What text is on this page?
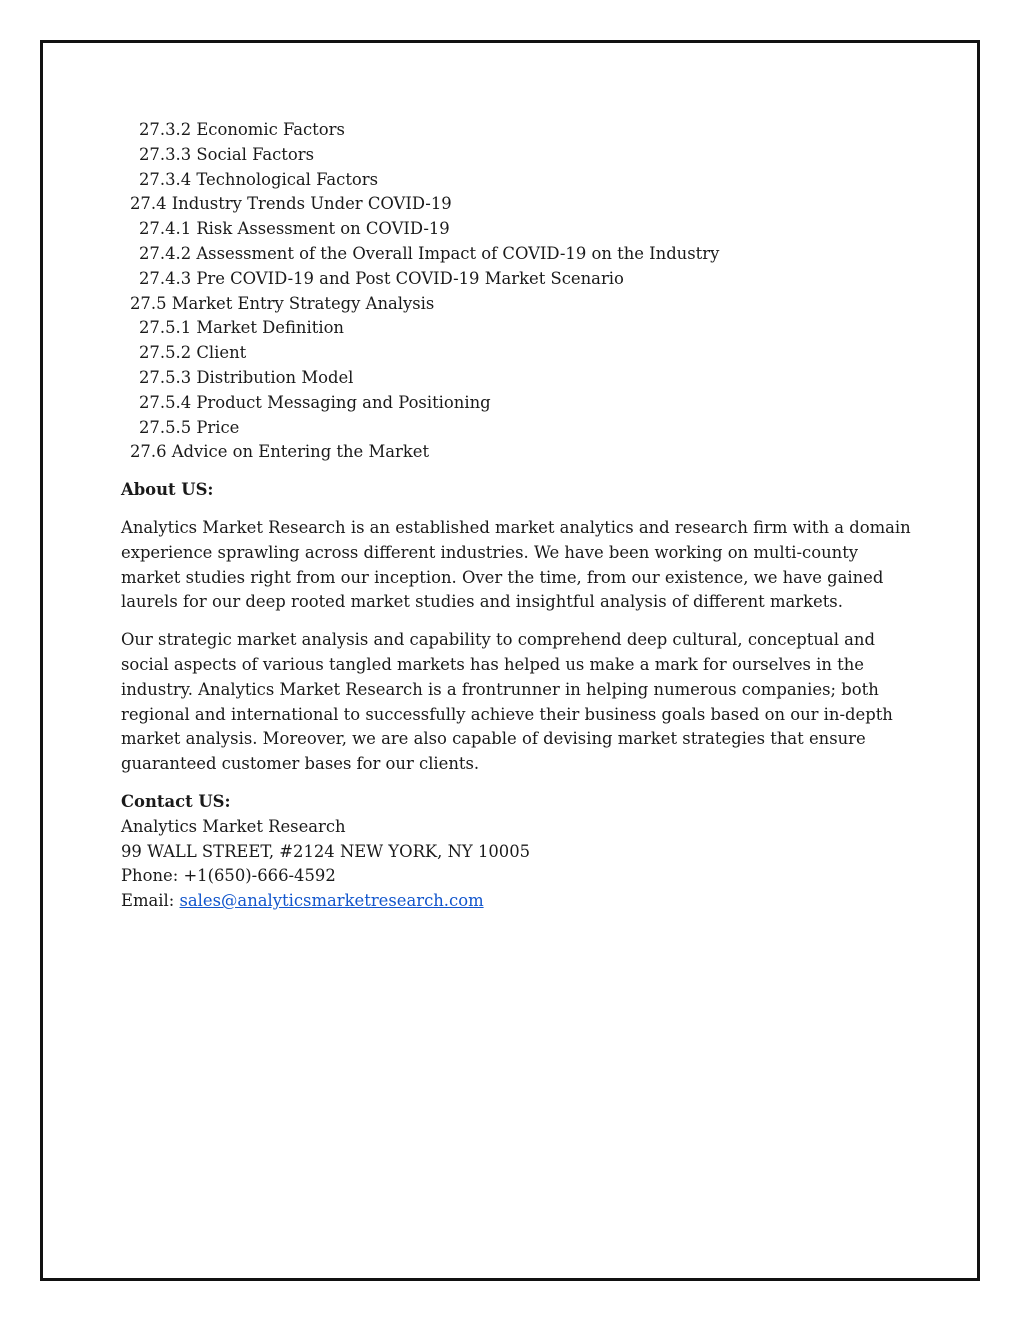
27.3.2 Economic Factors
27.3.3 Social Factors
27.3.4 Technological Factors
27.4 Industry Trends Under COVID-19
27.4.1 Risk Assessment on COVID-19
27.4.2 Assessment of the Overall Impact of COVID-19 on the Industry
27.4.3 Pre COVID-19 and Post COVID-19 Market Scenario
27.5 Market Entry Strategy Analysis
27.5.1 Market Definition
27.5.2 Client
27.5.3 Distribution Model
27.5.4 Product Messaging and Positioning
27.5.5 Price
27.6 Advice on Entering the Market
About US:

Analytics Market Research is an established market analytics and research firm with a domain experience sprawling across different industries. We have been working on multi-county market studies right from our inception. Over the time, from our existence, we have gained laurels for our deep rooted market studies and insightful analysis of different markets.

Our strategic market analysis and capability to comprehend deep cultural, conceptual and social aspects of various tangled markets has helped us make a mark for ourselves in the industry. Analytics Market Research is a frontrunner in helping numerous companies; both regional and international to successfully achieve their business goals based on our in-depth market analysis. Moreover, we are also capable of devising market strategies that ensure guaranteed customer bases for our clients.

Contact US:
Analytics Market Research
99 WALL STREET, #2124 NEW YORK, NY 10005
Phone: +1(650)-666-4592
Email: sales@analyticsmarketresearch.com
